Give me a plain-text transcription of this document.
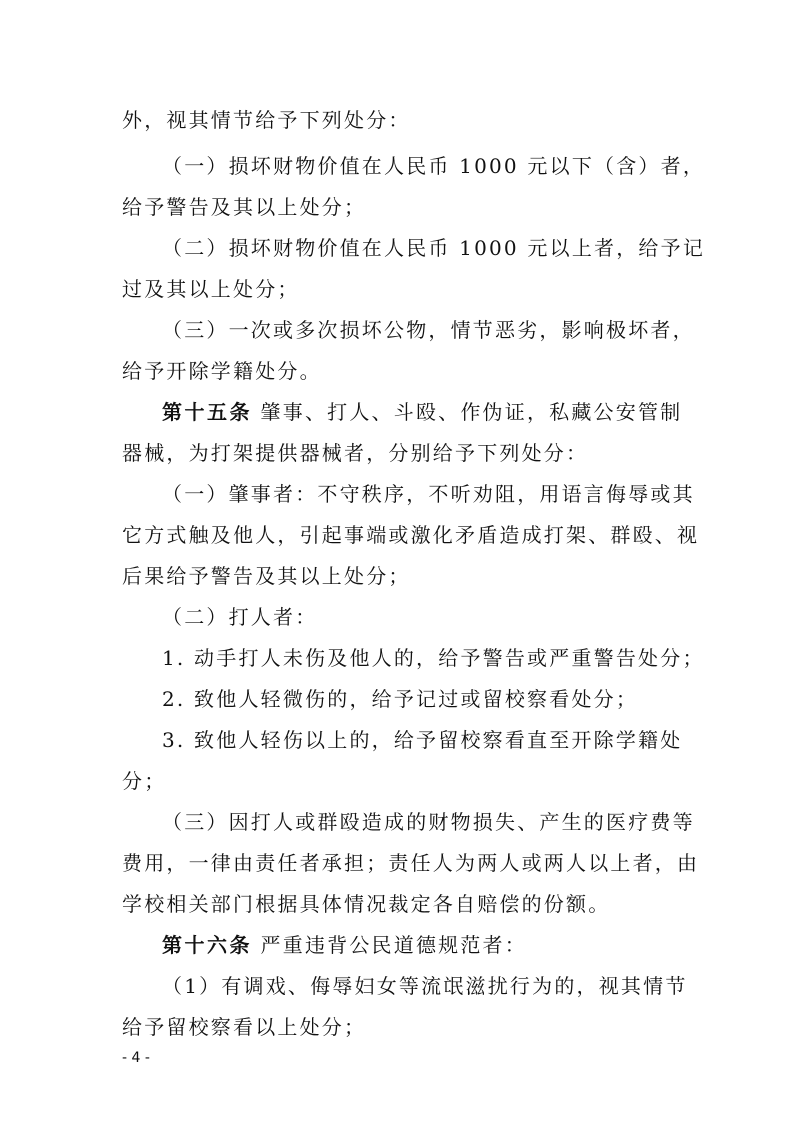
外，视其情节给予下列处分：
（一）损坏财物价值在人民币 1000 元以下（含）者，
给予警告及其以上处分；
（二）损坏财物价值在人民币 1000 元以上者，给予记
过及其以上处分；
（三）一次或多次损坏公物，情节恶劣，影响极坏者，
给予开除学籍处分。
第十五条 肇事、打人、斗殴、作伪证，私藏公安管制
器械，为打架提供器械者，分别给予下列处分：
（一）肇事者：不守秩序，不听劝阻，用语言侮辱或其
它方式触及他人，引起事端或激化矛盾造成打架、群殴、视
后果给予警告及其以上处分；
（二）打人者：
1. 动手打人未伤及他人的，给予警告或严重警告处分；
2. 致他人轻微伤的，给予记过或留校察看处分；
3. 致他人轻伤以上的，给予留校察看直至开除学籍处
分；
（三）因打人或群殴造成的财物损失、产生的医疗费等
费用，一律由责任者承担；责任人为两人或两人以上者，由
学校相关部门根据具体情况裁定各自赔偿的份额。
第十六条 严重违背公民道德规范者：
（1）有调戏、侮辱妇女等流氓滋扰行为的，视其情节
给予留校察看以上处分；
- 4 -
